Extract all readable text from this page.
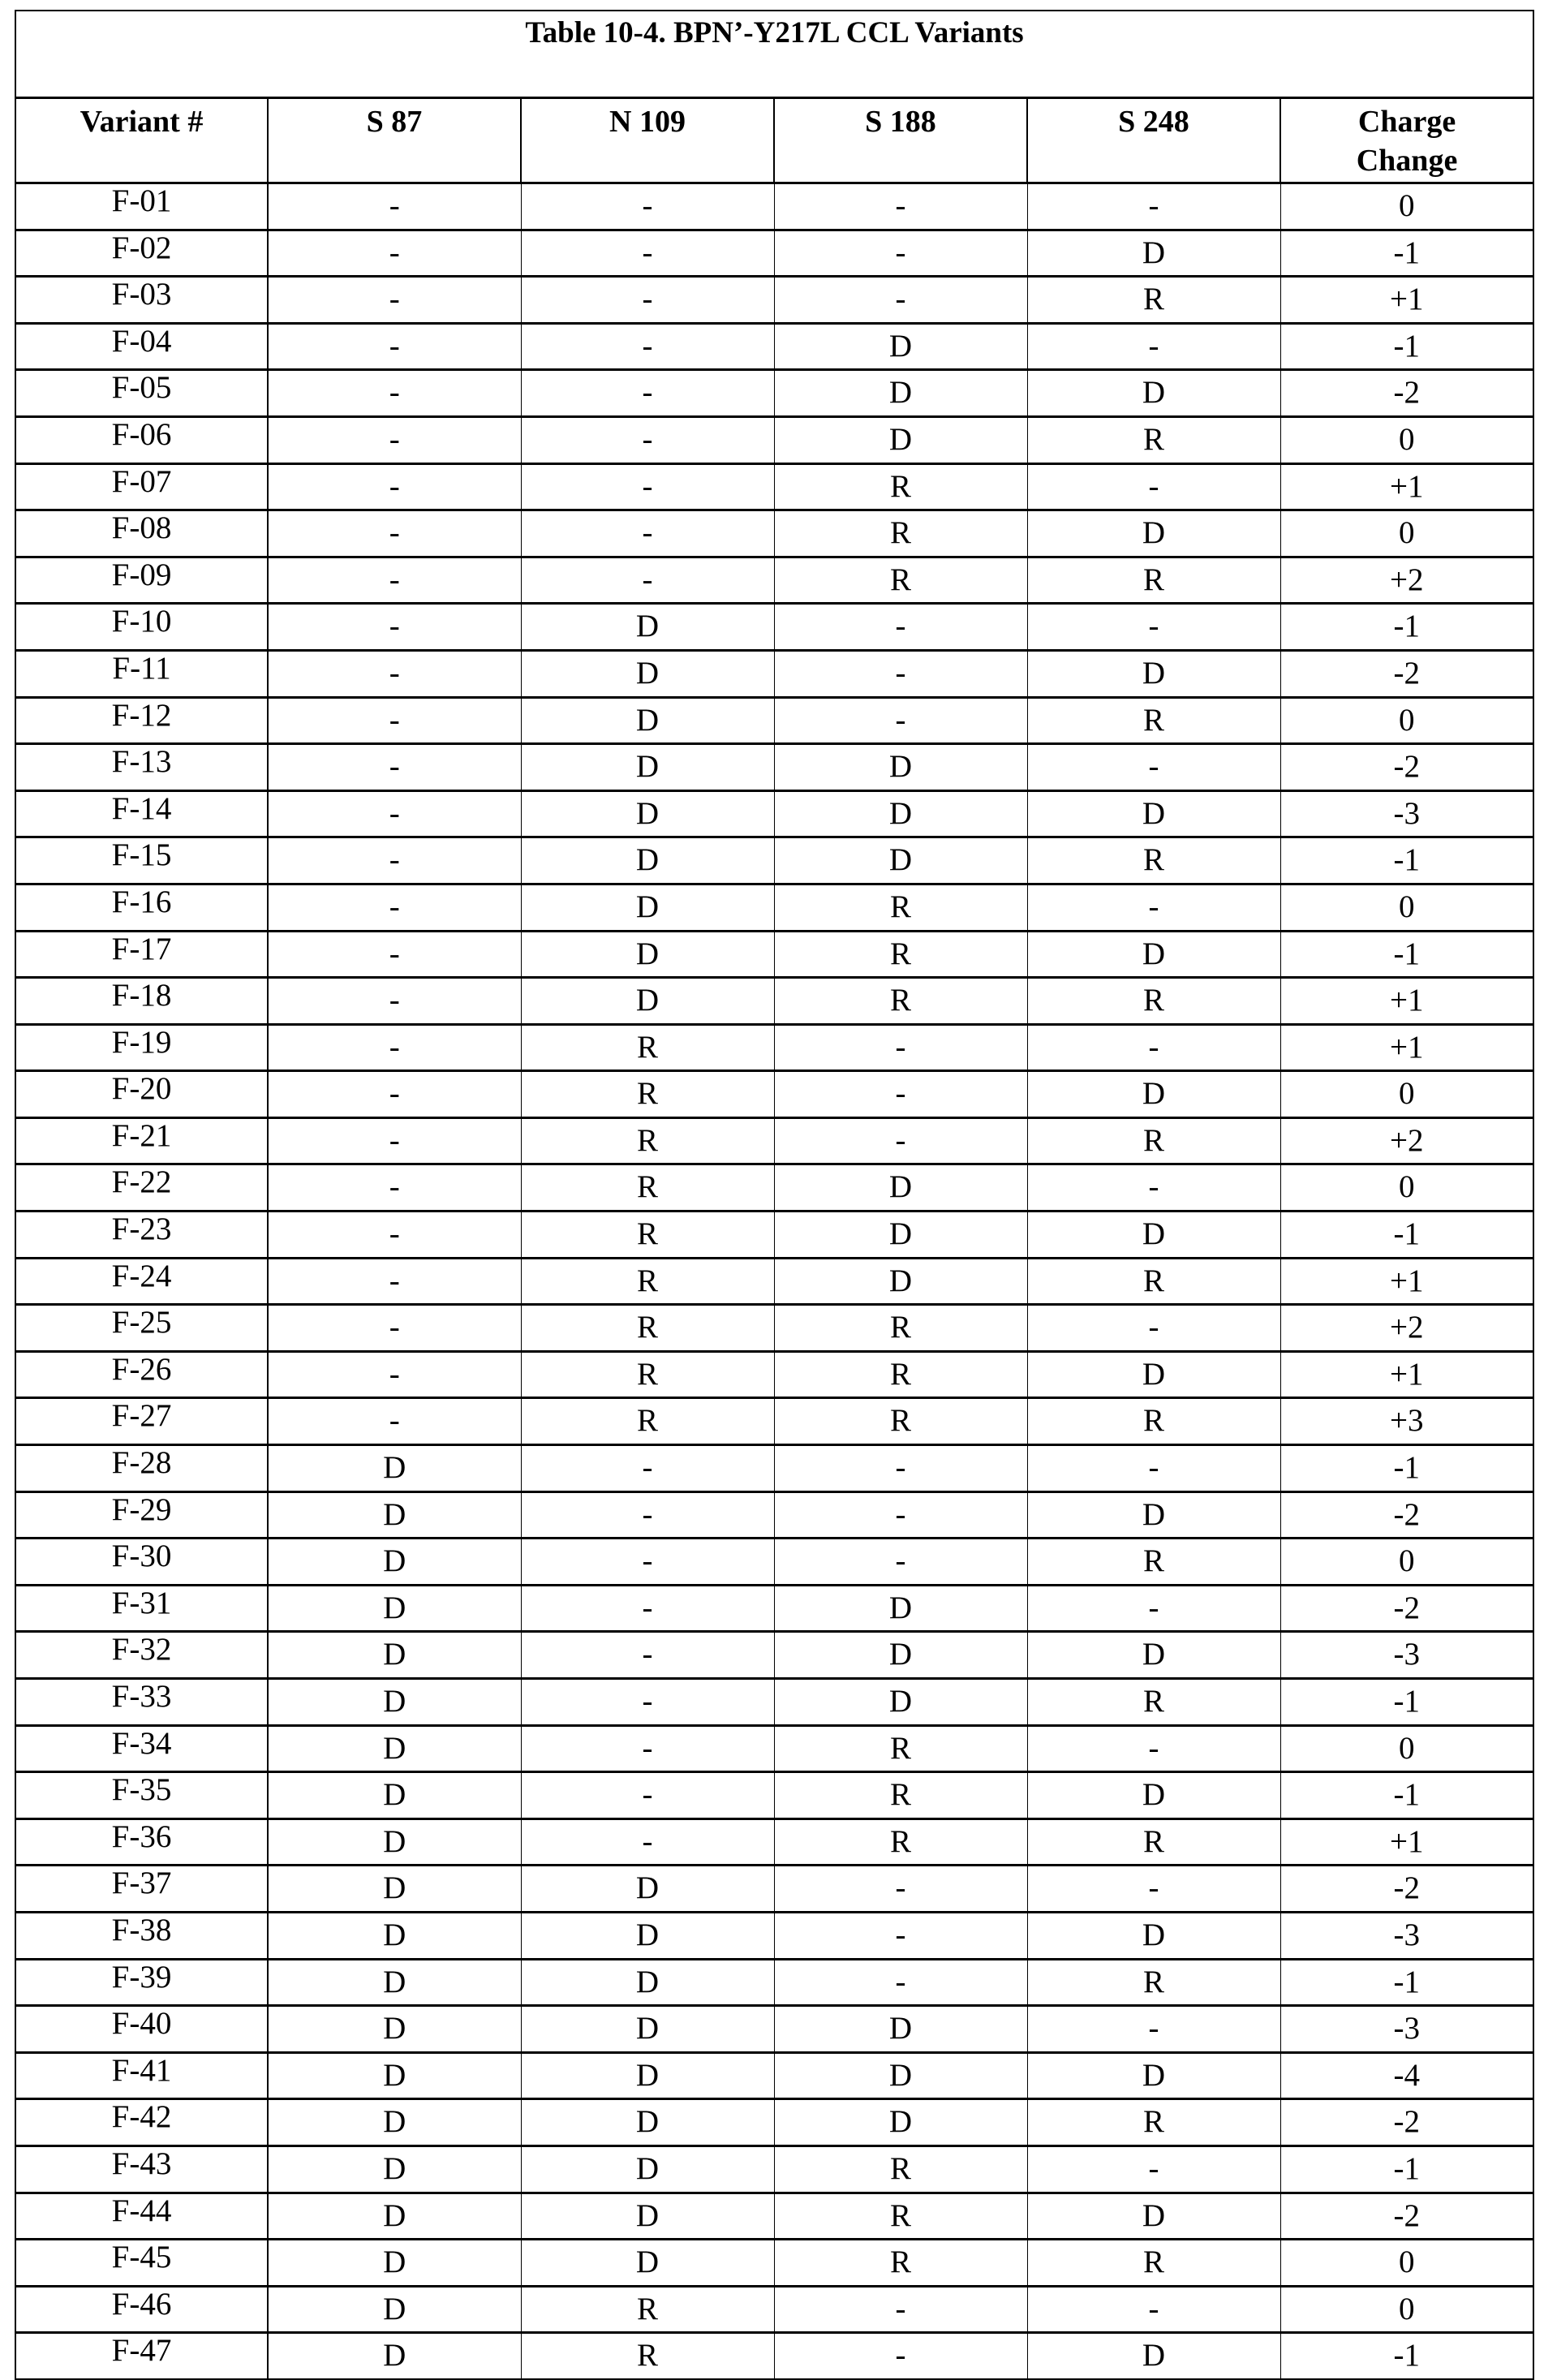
Table 10-4. BPN’-Y217L CCL Variants					
Variant #	S 87	N 109	S 188	S 248	Charge
Change
F-01	-	-	-	-	0
F-02	-	-	-	D	-1
F-03	-	-	-	R	+1
F-04	-	-	D	-	-1
F-05	-	-	D	D	-2
F-06	-	-	D	R	0
F-07	-	-	R	-	+1
F-08	-	-	R	D	0
F-09	-	-	R	R	+2
F-10	-	D	-	-	-1
F-11	-	D	-	D	-2
F-12	-	D	-	R	0
F-13	-	D	D	-	-2
F-14	-	D	D	D	-3
F-15	-	D	D	R	-1
F-16	-	D	R	-	0
F-17	-	D	R	D	-1
F-18	-	D	R	R	+1
F-19	-	R	-	-	+1
F-20	-	R	-	D	0
F-21	-	R	-	R	+2
F-22	-	R	D	-	0
F-23	-	R	D	D	-1
F-24	-	R	D	R	+1
F-25	-	R	R	-	+2
F-26	-	R	R	D	+1
F-27	-	R	R	R	+3
F-28	D	-	-	-	-1
F-29	D	-	-	D	-2
F-30	D	-	-	R	0
F-31	D	-	D	-	-2
F-32	D	-	D	D	-3
F-33	D	-	D	R	-1
F-34	D	-	R	-	0
F-35	D	-	R	D	-1
F-36	D	-	R	R	+1
F-37	D	D	-	-	-2
F-38	D	D	-	D	-3
F-39	D	D	-	R	-1
F-40	D	D	D	-	-3
F-41	D	D	D	D	-4
F-42	D	D	D	R	-2
F-43	D	D	R	-	-1
F-44	D	D	R	D	-2
F-45	D	D	R	R	0
F-46	D	R	-	-	0
F-47	D	R	-	D	-1
